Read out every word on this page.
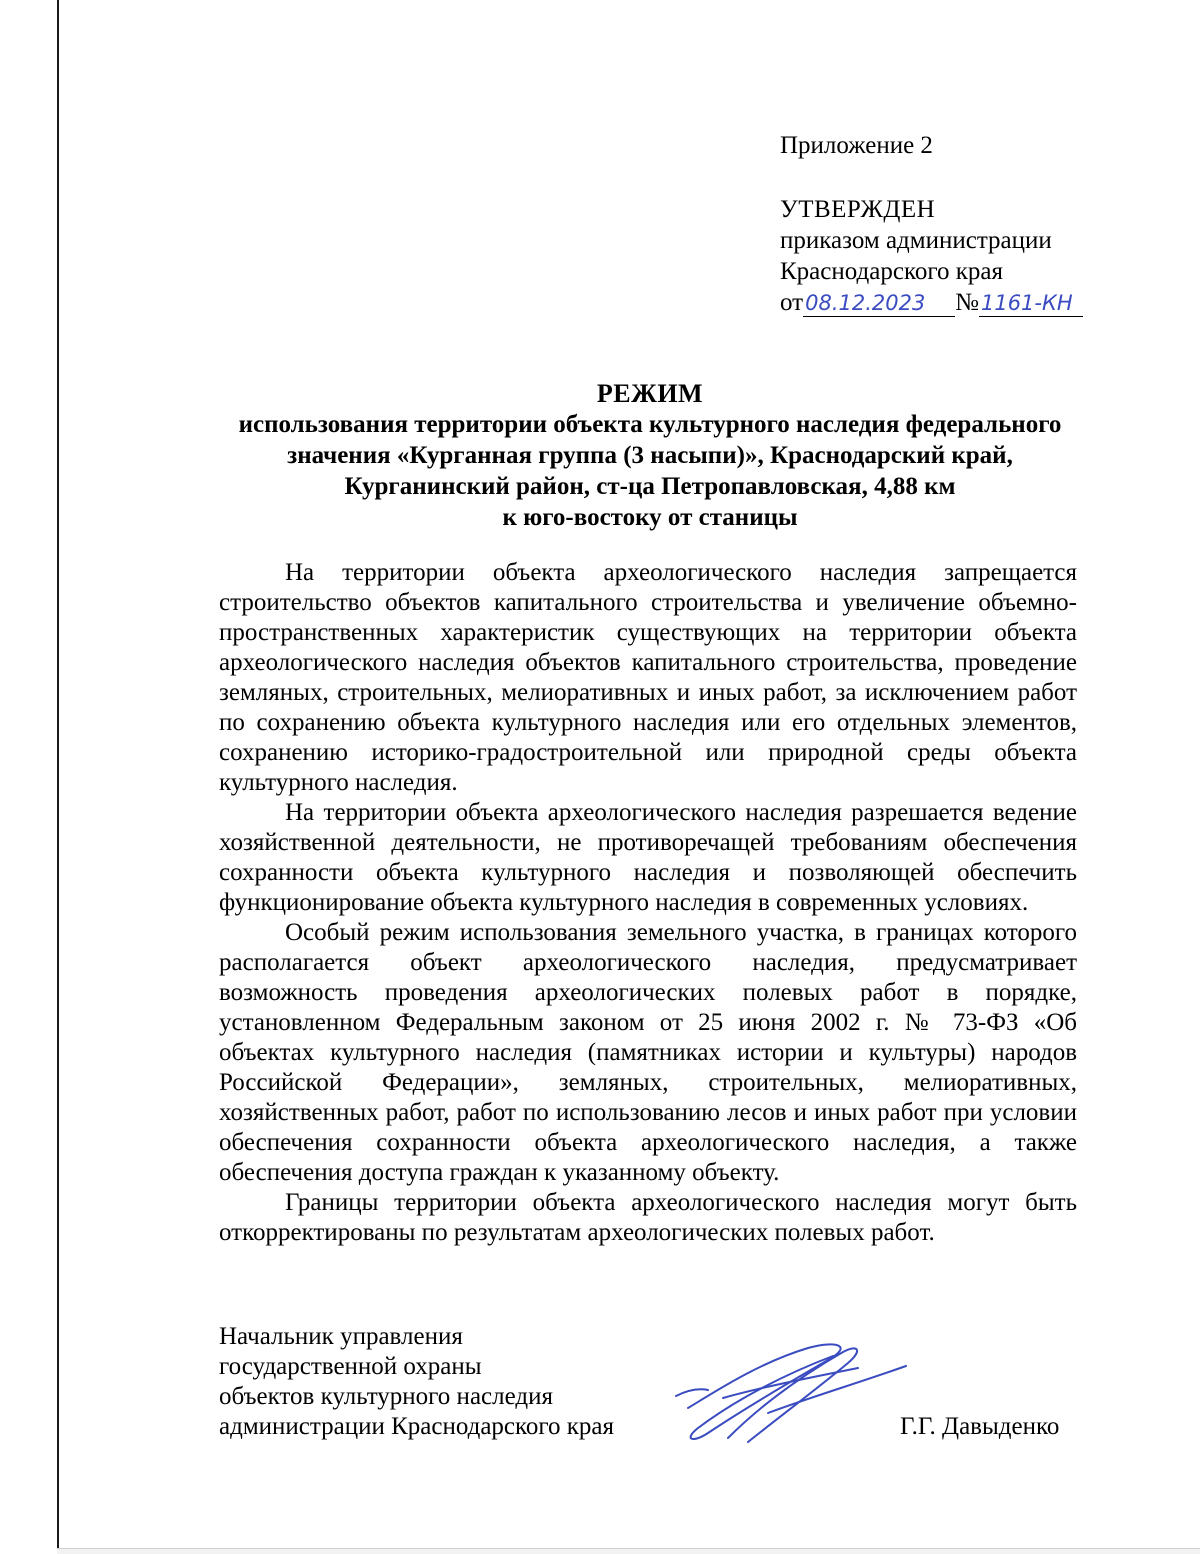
Приложение 2
УТВЕРЖДЕН
приказом администрации
Краснодарского края
от08.12.2023 №1161-КН
РЕЖИМ
использования территории объекта культурного наследия федерального
значения «Курганная группа (3 насыпи)», Краснодарский край,
Курганинский район, ст-ца Петропавловская, 4,88 км
к юго-востоку от станицы

На территории объекта археологического наследия запрещается строительство объектов капитального строительства и увеличение объемно-пространственных характеристик существующих на территории объекта археологического наследия объектов капитального строительства, проведение земляных, строительных, мелиоративных и иных работ, за исключением работ по сохранению объекта культурного наследия или его отдельных элементов, сохранению историко-градостроительной или природной среды объекта культурного наследия.

На территории объекта археологического наследия разрешается ведение хозяйственной деятельности, не противоречащей требованиям обеспечения сохранности объекта культурного наследия и позволяющей обеспечить функционирование объекта культурного наследия в современных условиях.

Особый режим использования земельного участка, в границах которого располагается объект археологического наследия, предусматривает возможность проведения археологических полевых работ в порядке, установленном Федеральным законом от 25 июня 2002 г. № 73-ФЗ «Об объектах культурного наследия (памятниках истории и культуры) народов Российской Федерации», земляных, строительных, мелиоративных, хозяйственных работ, работ по использованию лесов и иных работ при условии обеспечения сохранности объекта археологического наследия, а также обеспечения доступа граждан к указанному объекту.

Границы территории объекта археологического наследия могут быть откорректированы по результатам археологических полевых работ.

Начальник управления
государственной охраны
объектов культурного наследия
администрации Краснодарского края	Г.Г. Давыденко
